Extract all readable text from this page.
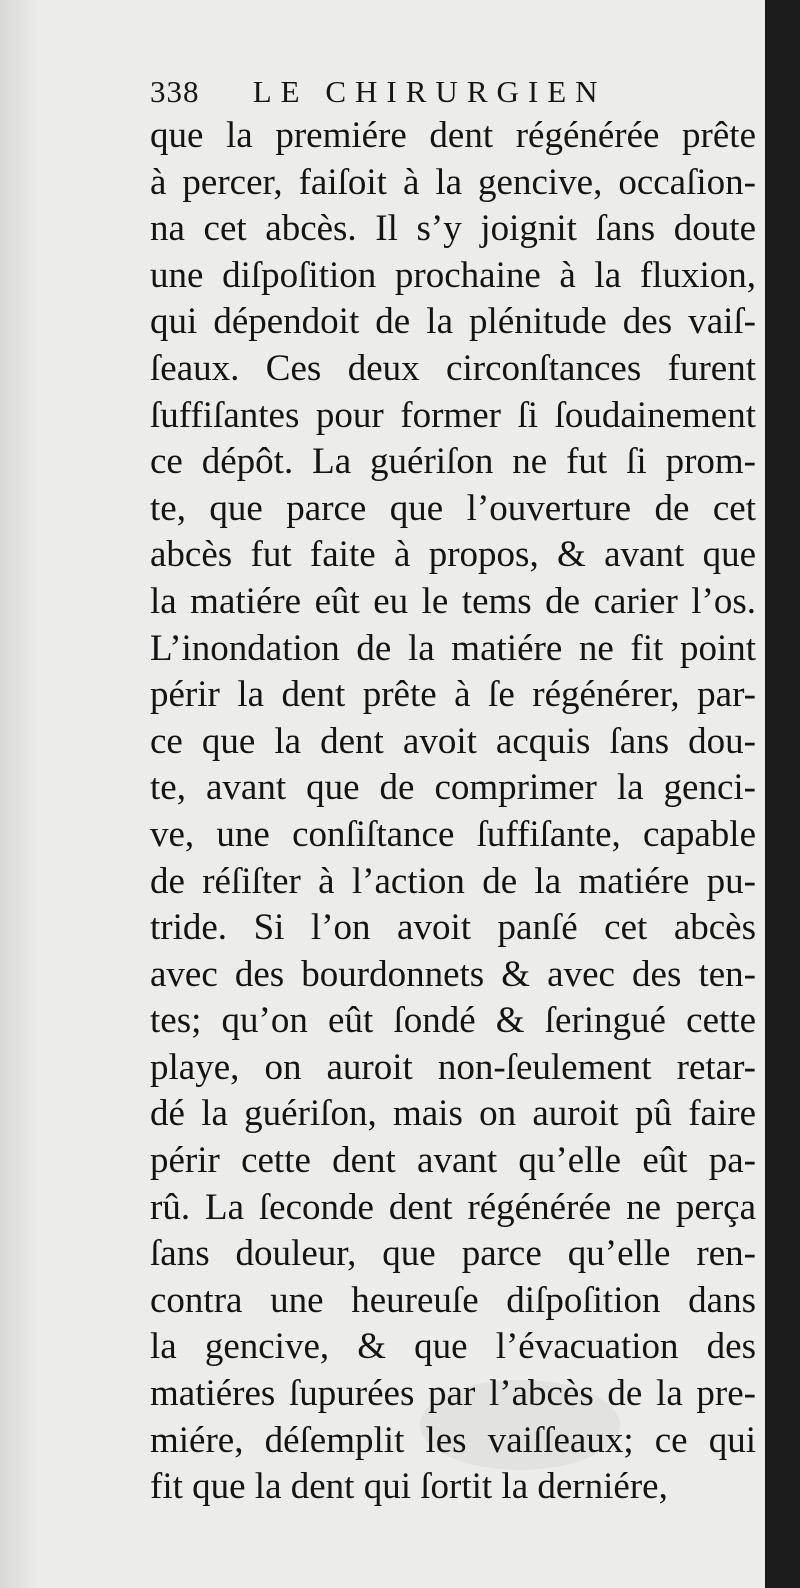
338 LE CHIRURGIEN
que la premiére dent régénérée prête
à percer, faiſoit à la gencive, occaſion-
na cet abcès. Il s’y joignit ſans doute
une diſpoſition prochaine à la fluxion,
qui dépendoit de la plénitude des vaiſ-
ſeaux. Ces deux circonſtances furent
ſuffiſantes pour former ſi ſoudainement
ce dépôt. La guériſon ne fut ſi prom-
te, que parce que l’ouverture de cet
abcès fut faite à propos, & avant que
la matiére eût eu le tems de carier l’os.
L’inondation de la matiére ne fit point
périr la dent prête à ſe régénérer, par-
ce que la dent avoit acquis ſans dou-
te, avant que de comprimer la genci-
ve, une conſiſtance ſuffiſante, capable
de réſiſter à l’action de la matiére pu-
tride. Si l’on avoit panſé cet abcès
avec des bourdonnets & avec des ten-
tes; qu’on eût ſondé & ſeringué cette
playe, on auroit non-ſeulement retar-
dé la guériſon, mais on auroit pû faire
périr cette dent avant qu’elle eût pa-
rû. La ſeconde dent régénérée ne perça
ſans douleur, que parce qu’elle ren-
contra une heureuſe diſpoſition dans
la gencive, & que l’évacuation des
matiéres ſupurées par l’abcès de la pre-
miére, déſemplit les vaiſſeaux; ce qui
fit que la dent qui ſortit la derniére,
